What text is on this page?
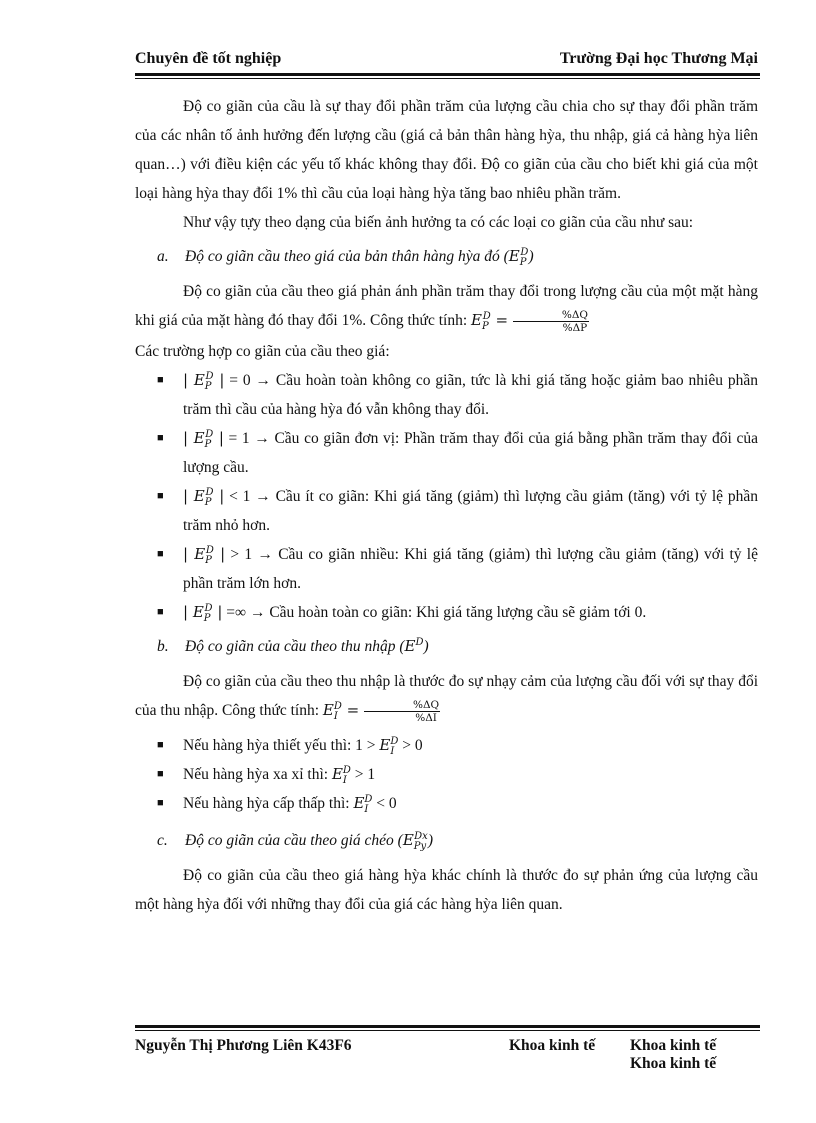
Chuyên đề tốt nghiệp	Trường Đại học Thương Mại

Độ co giãn của cầu là sự thay đổi phần trăm của lượng cầu chia cho sự thay đổi phần trăm của các nhân tố ảnh hưởng đến lượng cầu (giá cả bản thân hàng hỳa, thu nhập, giá cả hàng hỳa liên quan…) với điều kiện các yếu tố khác không thay đổi. Độ co giãn của cầu cho biết khi giá của một loại hàng hỳa thay đổi 1% thì cầu của loại hàng hỳa tăng bao nhiêu phần trăm.

Như vậy tựy theo dạng của biến ảnh hưởng ta có các loại co giãn của cầu như sau:

a. Độ co giãn cầu theo giá của bản thân hàng hỳa đó $(E_P^D)$

Độ co giãn của cầu theo giá phản ánh phần trăm thay đổi trong lượng cầu của một mặt hàng khi giá của mặt hàng đó thay đổi 1%. Công thức tính: $E_P^D = \frac{\%\Delta Q}{\%\Delta P}$

Các trường hợp co giãn của cầu theo giá:

■ | $E_P^D$ | = 0 → Cầu hoàn toàn không co giãn, tức là khi giá tăng hoặc giảm bao nhiêu phần trăm thì cầu của hàng hỳa đó vẫn không thay đổi.
■ | $E_P^D$ | = 1 → Cầu co giãn đơn vị: Phần trăm thay đổi của giá bằng phần trăm thay đổi của lượng cầu.
■ | $E_P^D$ | < 1 → Cầu ít co giãn: Khi giá tăng (giảm) thì lượng cầu giảm (tăng) với tỷ lệ phần trăm nhỏ hơn.
■ | $E_P^D$ | > 1 → Cầu co giãn nhiều: Khi giá tăng (giảm) thì lượng cầu giảm (tăng) với tỷ lệ phần trăm lớn hơn.
■ | $E_P^D$ | =∞ → Cầu hoàn toàn co giãn: Khi giá tăng lượng cầu sẽ giảm tới 0.

b. Độ co giãn của cầu theo thu nhập $(E^D)$

Độ co giãn của cầu theo thu nhập là thước đo sự nhạy cảm của lượng cầu đối với sự thay đổi của thu nhập. Công thức tính: $E_I^D = \frac{\%\Delta Q}{\%\Delta I}$

■ Nếu hàng hỳa thiết yếu thì: $1 > E_I^D > 0$
■ Nếu hàng hỳa xa xỉ thì: $E_I^D > 1$
■ Nếu hàng hỳa cấp thấp thì: $E_I^D < 0$

c. Độ co giãn của cầu theo giá chéo $(E_{Py}^{Dx})$

Độ co giãn của cầu theo giá hàng hỳa khác chính là thước đo sự phản ứng của lượng cầu một hàng hỳa đối với những thay đổi của giá các hàng hỳa liên quan.

Nguyễn Thị Phương Liên K43F6	Khoa kinh tế Khoa kinh tế
Khoa kinh tế
